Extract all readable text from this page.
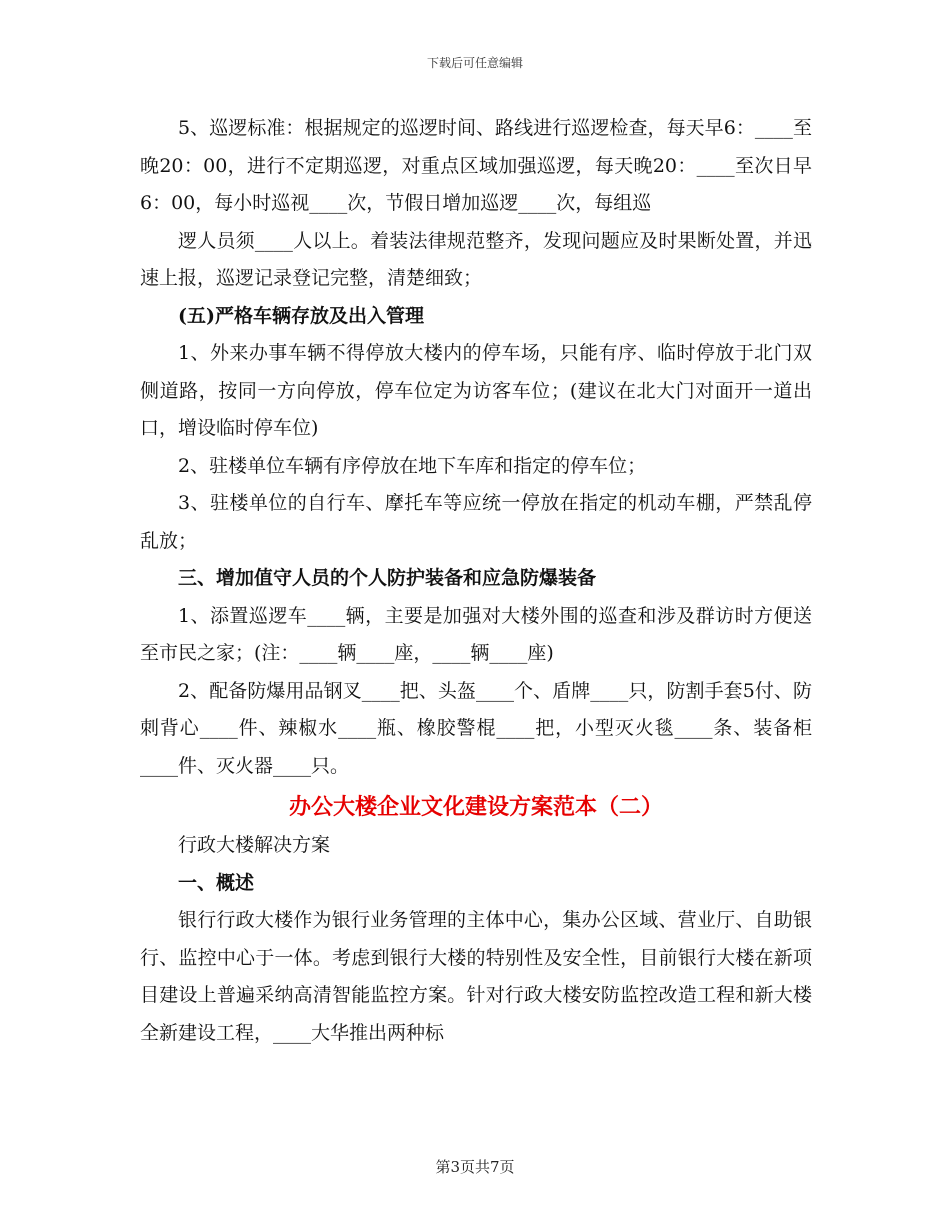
下载后可任意编辑

5、巡逻标准：根据规定的巡逻时间、路线进行巡逻检查，每天早6：____至晚20：00，进行不定期巡逻，对重点区域加强巡逻，每天晚20：____至次日早6：00，每小时巡视____次，节假日增加巡逻____次，每组巡

逻人员须____人以上。着装法律规范整齐，发现问题应及时果断处置，并迅速上报，巡逻记录登记完整，清楚细致；

(五)严格车辆存放及出入管理

1、外来办事车辆不得停放大楼内的停车场，只能有序、临时停放于北门双侧道路，按同一方向停放，停车位定为访客车位；(建议在北大门对面开一道出口，增设临时停车位)

2、驻楼单位车辆有序停放在地下车库和指定的停车位；

3、驻楼单位的自行车、摩托车等应统一停放在指定的机动车棚，严禁乱停乱放；

三、增加值守人员的个人防护装备和应急防爆装备

1、添置巡逻车____辆，主要是加强对大楼外围的巡查和涉及群访时方便送至市民之家；(注：____辆____座，____辆____座)

2、配备防爆用品钢叉____把、头盔____个、盾牌____只，防割手套5付、防刺背心____件、辣椒水____瓶、橡胶警棍____把，小型灭火毯____条、装备柜____件、灭火器____只。

办公大楼企业文化建设方案范本（二）

行政大楼解决方案

一、概述

银行行政大楼作为银行业务管理的主体中心，集办公区域、营业厅、自助银行、监控中心于一体。考虑到银行大楼的特别性及安全性，目前银行大楼在新项目建设上普遍采纳高清智能监控方案。针对行政大楼安防监控改造工程和新大楼全新建设工程，____大华推出两种标

第3页共7页
